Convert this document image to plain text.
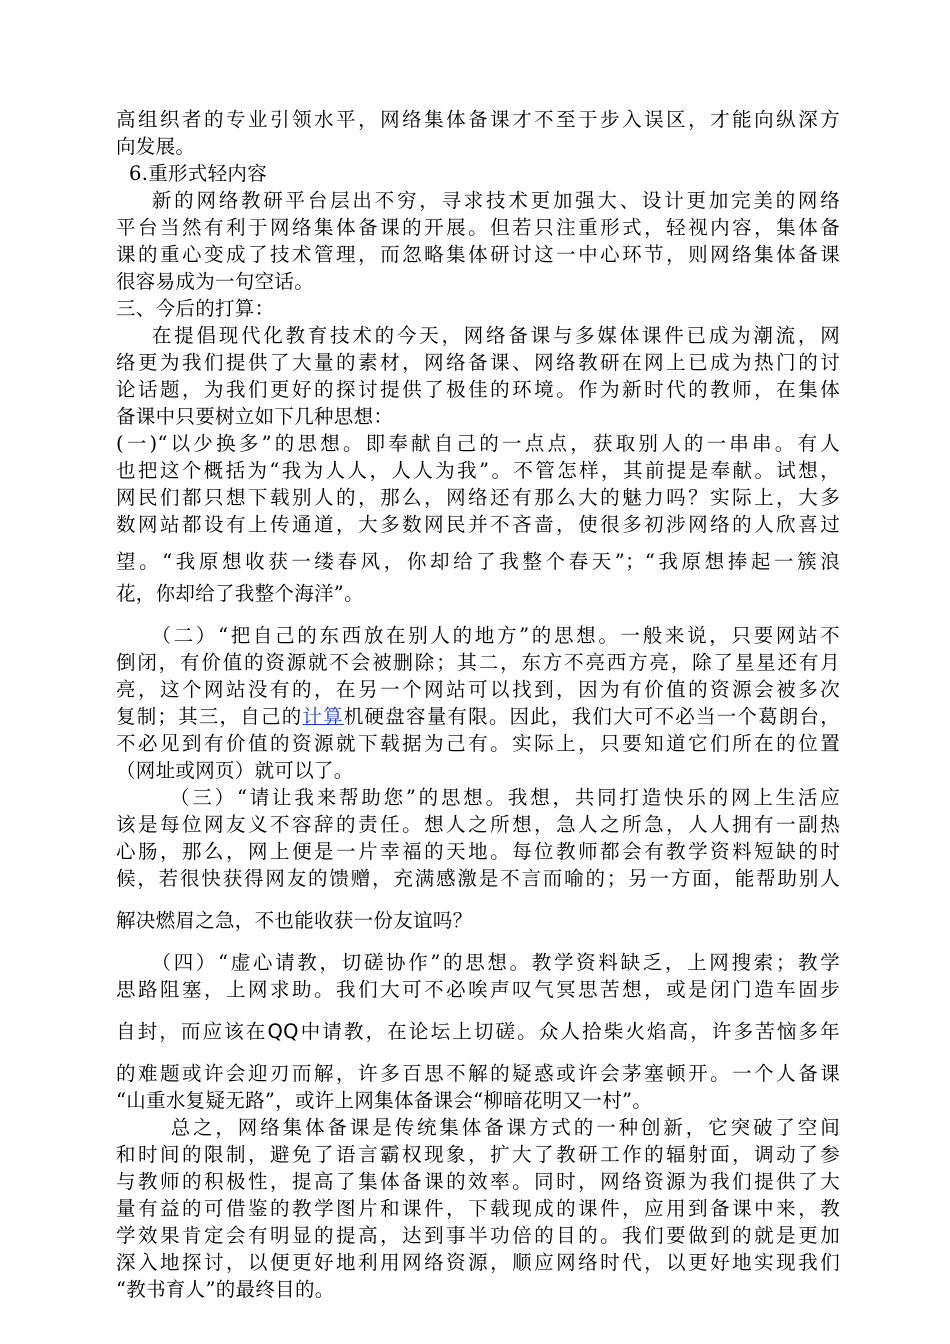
高组织者的专业引领水平，网络集体备课才不至于步入误区，才能向纵深方
向发展。
6.重形式轻内容
新的网络教研平台层出不穷，寻求技术更加强大、设计更加完美的网络
平台当然有利于网络集体备课的开展。但若只注重形式，轻视内容，集体备
课的重心变成了技术管理，而忽略集体研讨这一中心环节，则网络集体备课
很容易成为一句空话。
三、今后的打算：
在提倡现代化教育技术的今天，网络备课与多媒体课件已成为潮流，网
络更为我们提供了大量的素材，网络备课、网络教研在网上已成为热门的讨
论话题，为我们更好的探讨提供了极佳的环境。作为新时代的教师，在集体
备课中只要树立如下几种思想：
(一)“以少换多”的思想。即奉献自己的一点点，获取别人的一串串。有人
也把这个概括为“我为人人，人人为我”。不管怎样，其前提是奉献。试想，
网民们都只想下载别人的，那么，网络还有那么大的魅力吗？实际上，大多
数网站都设有上传通道，大多数网民并不吝啬，使很多初涉网络的人欣喜过
望。“我原想收获一缕春风，你却给了我整个春天”；“我原想捧起一簇浪
花，你却给了我整个海洋”。
（二）“把自己的东西放在别人的地方”的思想。一般来说，只要网站不
倒闭，有价值的资源就不会被删除；其二，东方不亮西方亮，除了星星还有月
亮，这个网站没有的，在另一个网站可以找到，因为有价值的资源会被多次
复制；其三，自己的计算机硬盘容量有限。因此，我们大可不必当一个葛朗台，
不必见到有价值的资源就下载据为己有。实际上，只要知道它们所在的位置
（网址或网页）就可以了。
（三）“请让我来帮助您”的思想。我想，共同打造快乐的网上生活应
该是每位网友义不容辞的责任。想人之所想，急人之所急，人人拥有一副热
心肠，那么，网上便是一片幸福的天地。每位教师都会有教学资料短缺的时
候，若很快获得网友的馈赠，充满感激是不言而喻的；另一方面，能帮助别人
解决燃眉之急，不也能收获一份友谊吗？
（四）“虚心请教，切磋协作”的思想。教学资料缺乏，上网搜索；教学
思路阻塞，上网求助。我们大可不必唉声叹气冥思苦想，或是闭门造车固步
自封，而应该在QQ中请教，在论坛上切磋。众人拾柴火焰高，许多苦恼多年
的难题或许会迎刃而解，许多百思不解的疑惑或许会茅塞顿开。一个人备课
“山重水复疑无路”，或许上网集体备课会“柳暗花明又一村”。
总之，网络集体备课是传统集体备课方式的一种创新，它突破了空间
和时间的限制，避免了语言霸权现象，扩大了教研工作的辐射面，调动了参
与教师的积极性，提高了集体备课的效率。同时，网络资源为我们提供了大
量有益的可借鉴的教学图片和课件，下载现成的课件，应用到备课中来，教
学效果肯定会有明显的提高，达到事半功倍的目的。我们要做到的就是更加
深入地探讨，以便更好地利用网络资源，顺应网络时代，以更好地实现我们
“教书育人”的最终目的。
